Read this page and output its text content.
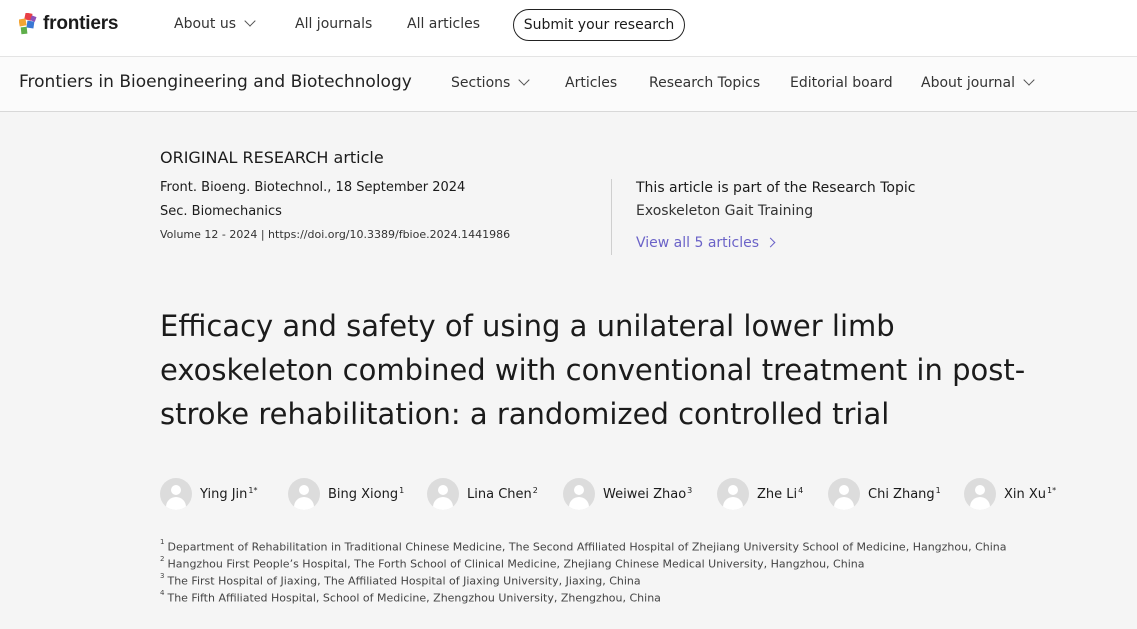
frontiers	About us	All journals All articles	Submit your research
Frontiers in Bioengineering and Biotechnology	Sections	Articles Research Topics Editorial board About journal
ORIGINAL RESEARCH article
Front. Bioeng. Biotechnol., 18 September 2024
Sec. Biomechanics
Volume 12 - 2024 | https://doi.org/10.3389/fbioe.2024.1441986
This article is part of the Research Topic
Exoskeleton Gait Training
View all 5 articles
Efficacy and safety of using a unilateral lower limb exoskeleton combined with conventional treatment in post-stroke rehabilitation: a randomized controlled trial
Ying Jin$^{1*}$	Bing Xiong$^1$	Lina Chen$^2$	Weiwei Zhao$^3$	Zhe Li$^4$	Chi Zhang$^1$	Xin $Xu^{1*}$
$^1$ Department of Rehabilitation in Traditional Chinese Medicine, The Second Affiliated Hospital of Zhejiang University School of Medicine, Hangzhou, China
$^2$ Hangzhou First People’s Hospital, The Forth School of Clinical Medicine, Zhejiang Chinese Medical University, Hangzhou, China
$^3$ The First Hospital of Jiaxing, The Affiliated Hospital of Jiaxing University, Jiaxing, China
$^4$ The Fifth Affiliated Hospital, School of Medicine, Zhengzhou University, Zhengzhou, China
